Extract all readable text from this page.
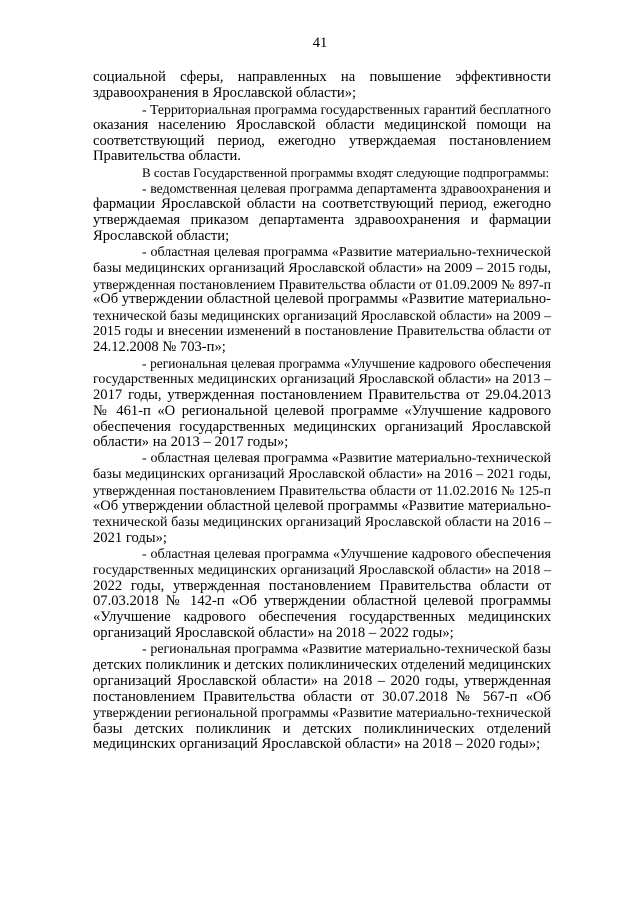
41
социальной сферы, направленных на повышение эффективности
здравоохранения в Ярославской области»;
- Территориальная программа государственных гарантий бесплатного
оказания населению Ярославской области медицинской помощи на
соответствующий период, ежегодно утверждаемая постановлением
Правительства области.
В состав Государственной программы входят следующие подпрограммы:
- ведомственная целевая программа департамента здравоохранения и
фармации Ярославской области на соответствующий период, ежегодно
утверждаемая приказом департамента здравоохранения и фармации
Ярославской области;
- областная целевая программа «Развитие материально-технической
базы медицинских организаций Ярославской области» на 2009 – 2015 годы,
утвержденная постановлением Правительства области от 01.09.2009 № 897-п
«Об утверждении областной целевой программы «Развитие материально-
технической базы медицинских организаций Ярославской области» на 2009 –
2015 годы и внесении изменений в постановление Правительства области от
24.12.2008 № 703-п»;
- региональная целевая программа «Улучшение кадрового обеспечения
государственных медицинских организаций Ярославской области» на 2013 –
2017 годы, утвержденная постановлением Правительства от 29.04.2013
№ 461-п «О региональной целевой программе «Улучшение кадрового
обеспечения государственных медицинских организаций Ярославской
области» на 2013 – 2017 годы»;
- областная целевая программа «Развитие материально-технической
базы медицинских организаций Ярославской области» на 2016 – 2021 годы,
утвержденная постановлением Правительства области от 11.02.2016 № 125-п
«Об утверждении областной целевой программы «Развитие материально-
технической базы медицинских организаций Ярославской области на 2016 –
2021 годы»;
- областная целевая программа «Улучшение кадрового обеспечения
государственных медицинских организаций Ярославской области» на 2018 –
2022 годы, утвержденная постановлением Правительства области от
07.03.2018 № 142-п «Об утверждении областной целевой программы
«Улучшение кадрового обеспечения государственных медицинских
организаций Ярославской области» на 2018 – 2022 годы»;
- региональная программа «Развитие материально-технической базы
детских поликлиник и детских поликлинических отделений медицинских
организаций Ярославской области» на 2018 – 2020 годы, утвержденная
постановлением Правительства области от 30.07.2018 № 567-п «Об
утверждении региональной программы «Развитие материально-технической
базы детских поликлиник и детских поликлинических отделений
медицинских организаций Ярославской области» на 2018 – 2020 годы»;
